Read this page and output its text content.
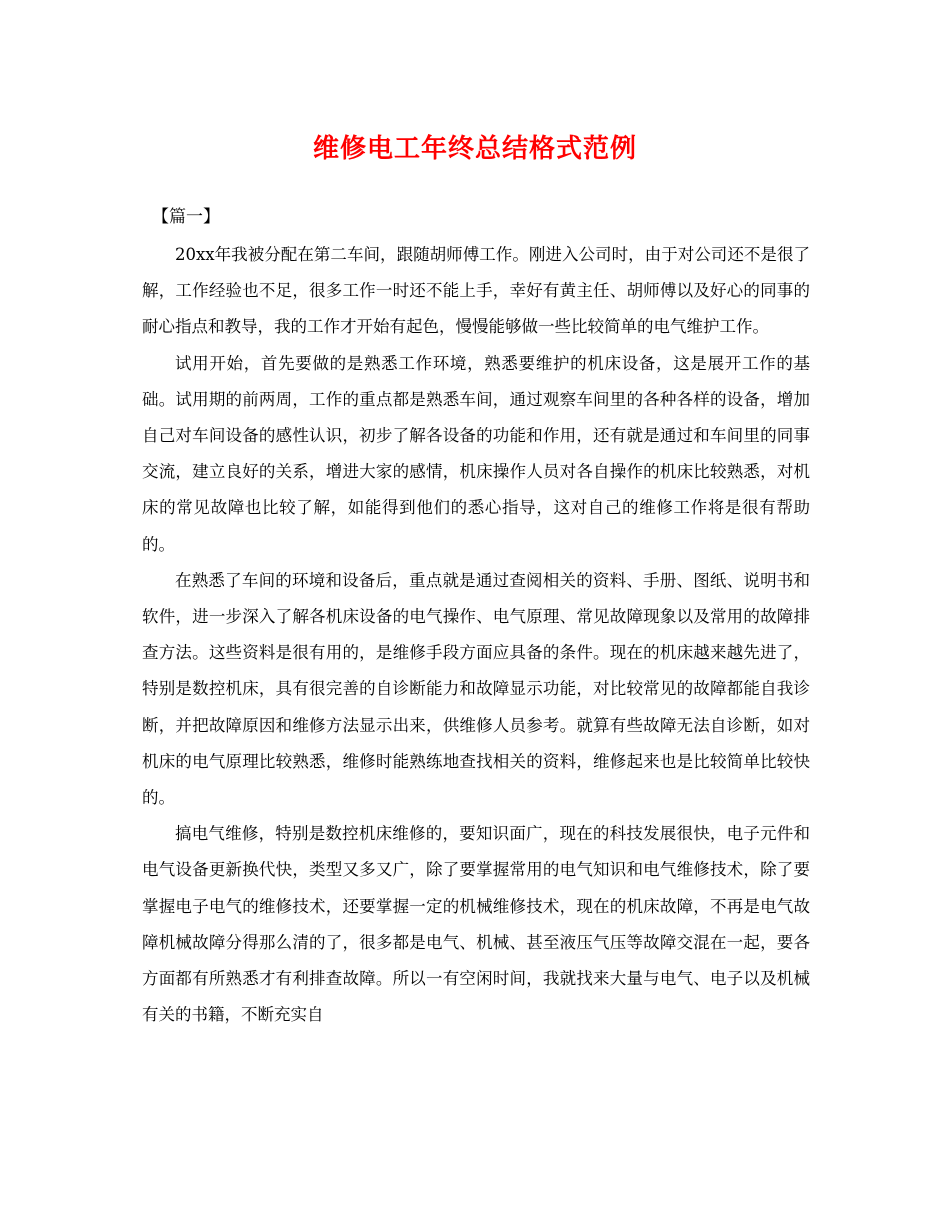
维修电工年终总结格式范例
【篇一】

20xx年我被分配在第二车间，跟随胡师傅工作。刚进入公司时，由于对公司还不是很了解，工作经验也不足，很多工作一时还不能上手，幸好有黄主任、胡师傅以及好心的同事的耐心指点和教导，我的工作才开始有起色，慢慢能够做一些比较简单的电气维护工作。

试用开始，首先要做的是熟悉工作环境，熟悉要维护的机床设备，这是展开工作的基础。试用期的前两周，工作的重点都是熟悉车间，通过观察车间里的各种各样的设备，增加自己对车间设备的感性认识，初步了解各设备的功能和作用，还有就是通过和车间里的同事交流，建立良好的关系，增进大家的感情，机床操作人员对各自操作的机床比较熟悉，对机床的常见故障也比较了解，如能得到他们的悉心指导，这对自己的维修工作将是很有帮助的。

在熟悉了车间的环境和设备后，重点就是通过查阅相关的资料、手册、图纸、说明书和软件，进一步深入了解各机床设备的电气操作、电气原理、常见故障现象以及常用的故障排查方法。这些资料是很有用的，是维修手段方面应具备的条件。现在的机床越来越先进了，特别是数控机床，具有很完善的自诊断能力和故障显示功能，对比较常见的故障都能自我诊断，并把故障原因和维修方法显示出来，供维修人员参考。就算有些故障无法自诊断，如对机床的电气原理比较熟悉，维修时能熟练地查找相关的资料，维修起来也是比较简单比较快的。

搞电气维修，特别是数控机床维修的，要知识面广，现在的科技发展很快，电子元件和电气设备更新换代快，类型又多又广，除了要掌握常用的电气知识和电气维修技术，除了要掌握电子电气的维修技术，还要掌握一定的机械维修技术，现在的机床故障，不再是电气故障机械故障分得那么清的了，很多都是电气、机械、甚至液压气压等故障交混在一起，要各方面都有所熟悉才有利排查故障。所以一有空闲时间，我就找来大量与电气、电子以及机械有关的书籍，不断充实自
